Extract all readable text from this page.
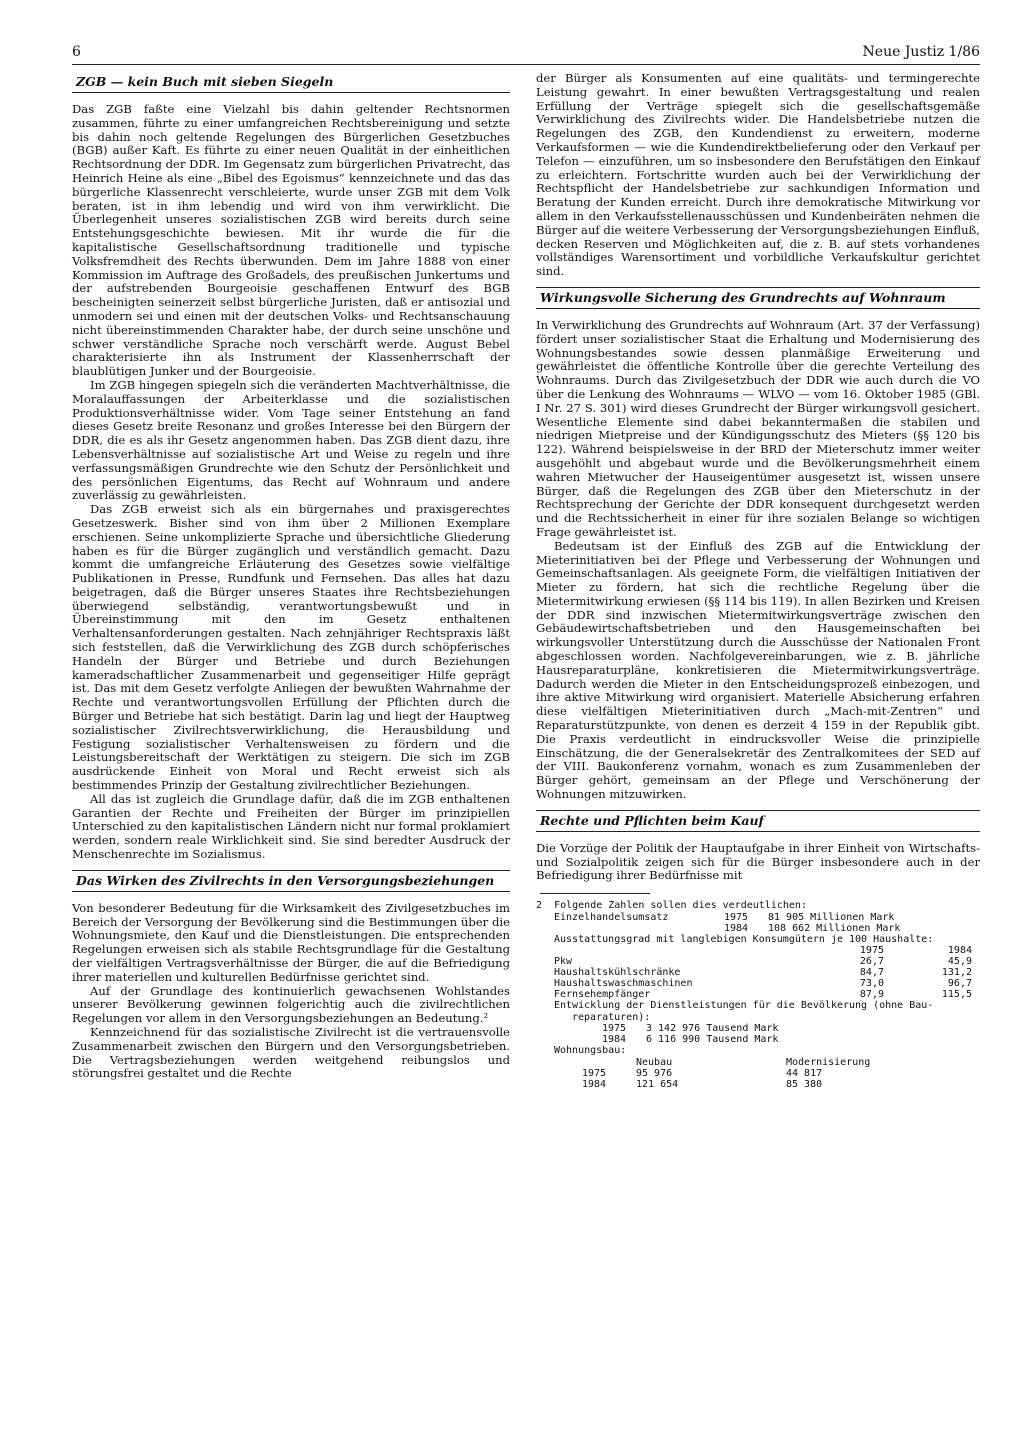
6	Neue Justiz 1/86
ZGB — kein Buch mit sieben Siegeln

Das ZGB faßte eine Vielzahl bis dahin geltender Rechtsnormen zusammen, führte zu einer umfangreichen Rechtsbereinigung und setzte bis dahin noch geltende Regelungen des Bürgerlichen Gesetzbuches (BGB) außer Kaft. Es führte zu einer neuen Qualität in der einheitlichen Rechtsordnung der DDR. Im Gegensatz zum bürgerlichen Privatrecht, das Heinrich Heine als eine „Bibel des Egoismus“ kennzeichnete und das das bürgerliche Klassenrecht verschleierte, wurde unser ZGB mit dem Volk beraten, ist in ihm lebendig und wird von ihm verwirklicht. Die Überlegenheit unseres sozialistischen ZGB wird bereits durch seine Entstehungsgeschichte bewiesen. Mit ihr wurde die für die kapitalistische Gesellschaftsordnung traditionelle und typische Volksfremdheit des Rechts überwunden. Dem im Jahre 1888 von einer Kommission im Auftrage des Großadels, des preußischen Junkertums und der aufstrebenden Bourgeoisie geschaffenen Entwurf des BGB bescheinigten seinerzeit selbst bürgerliche Juristen, daß er antisozial und unmodern sei und einen mit der deutschen Volks- und Rechtsanschauung nicht übereinstimmenden Charakter habe, der durch seine unschöne und schwer verständliche Sprache noch verschärft werde. August Bebel charakterisierte ihn als Instrument der Klassenherrschaft der blaublütigen Junker und der Bourgeoisie.

Im ZGB hingegen spiegeln sich die veränderten Machtverhältnisse, die Moralauffassungen der Arbeiterklasse und die sozialistischen Produktionsverhältnisse wider. Vom Tage seiner Entstehung an fand dieses Gesetz breite Resonanz und großes Interesse bei den Bürgern der DDR, die es als ihr Gesetz angenommen haben. Das ZGB dient dazu, ihre Lebensverhältnisse auf sozialistische Art und Weise zu regeln und ihre verfassungsmäßigen Grundrechte wie den Schutz der Persönlichkeit und des persönlichen Eigentums, das Recht auf Wohnraum und andere zuverlässig zu gewährleisten.

Das ZGB erweist sich als ein bürgernahes und praxisgerechtes Gesetzeswerk. Bisher sind von ihm über 2 Millionen Exemplare erschienen. Seine unkomplizierte Sprache und übersichtliche Gliederung haben es für die Bürger zugänglich und verständlich gemacht. Dazu kommt die umfangreiche Erläuterung des Gesetzes sowie vielfältige Publikationen in Presse, Rundfunk und Fernsehen. Das alles hat dazu beigetragen, daß die Bürger unseres Staates ihre Rechtsbeziehungen überwiegend selbständig, verantwortungsbewußt und in Übereinstimmung mit den im Gesetz enthaltenen Verhaltensanforderungen gestalten. Nach zehnjähriger Rechtspraxis läßt sich feststellen, daß die Verwirklichung des ZGB durch schöpferisches Handeln der Bürger und Betriebe und durch Beziehungen kameradschaftlicher Zusammenarbeit und gegenseitiger Hilfe geprägt ist. Das mit dem Gesetz verfolgte Anliegen der bewußten Wahrnahme der Rechte und verantwortungsvollen Erfüllung der Pflichten durch die Bürger und Betriebe hat sich bestätigt. Darin lag und liegt der Hauptweg sozialistischer Zivilrechtsverwirklichung, die Herausbildung und Festigung sozialistischer Verhaltensweisen zu fördern und die Leistungsbereitschaft der Werktätigen zu steigern. Die sich im ZGB ausdrückende Einheit von Moral und Recht erweist sich als bestimmendes Prinzip der Gestaltung zivilrechtlicher Beziehungen.

All das ist zugleich die Grundlage dafür, daß die im ZGB enthaltenen Garantien der Rechte und Freiheiten der Bürger im prinzipiellen Unterschied zu den kapitalistischen Ländern nicht nur formal proklamiert werden, sondern reale Wirklichkeit sind. Sie sind beredter Ausdruck der Menschenrechte im Sozialismus.

Das Wirken des Zivilrechts in den Versorgungsbeziehungen

Von besonderer Bedeutung für die Wirksamkeit des Zivilgesetzbuches im Bereich der Versorgung der Bevölkerung sind die Bestimmungen über die Wohnungsmiete, den Kauf und die Dienstleistungen. Die entsprechenden Regelungen erweisen sich als stabile Rechtsgrundlage für die Gestaltung der vielfältigen Vertragsverhältnisse der Bürger, die auf die Befriedigung ihrer materiellen und kulturellen Bedürfnisse gerichtet sind.

Auf der Grundlage des kontinuierlich gewachsenen Wohlstandes unserer Bevölkerung gewinnen folgerichtig auch die zivilrechtlichen Regelungen vor allem in den Versorgungsbeziehungen an Bedeutung.²

Kennzeichnend für das sozialistische Zivilrecht ist die vertrauensvolle Zusammenarbeit zwischen den Bürgern und den Versorgungsbetrieben. Die Vertragsbeziehungen werden weitgehend reibungslos und störungsfrei gestaltet und die Rechte

der Bürger als Konsumenten auf eine qualitäts- und termingerechte Leistung gewahrt. In einer bewußten Vertragsgestaltung und realen Erfüllung der Verträge spiegelt sich die gesellschaftsgemäße Verwirklichung des Zivilrechts wider. Die Handelsbetriebe nutzen die Regelungen des ZGB, den Kundendienst zu erweitern, moderne Verkaufsformen — wie die Kundendirektbelieferung oder den Verkauf per Telefon — einzuführen, um so insbesondere den Berufstätigen den Einkauf zu erleichtern. Fortschritte wurden auch bei der Verwirklichung der Rechtspflicht der Handelsbetriebe zur sachkundigen Information und Beratung der Kunden erreicht. Durch ihre demokratische Mitwirkung vor allem in den Verkaufsstellenausschüssen und Kundenbeiräten nehmen die Bürger auf die weitere Verbesserung der Versorgungsbeziehungen Einfluß, decken Reserven und Möglichkeiten auf, die z. B. auf stets vorhandenes vollständiges Warensortiment und vorbildliche Verkaufskultur gerichtet sind.

Wirkungsvolle Sicherung des Grundrechts auf Wohnraum

In Verwirklichung des Grundrechts auf Wohnraum (Art. 37 der Verfassung) fördert unser sozialistischer Staat die Erhaltung und Modernisierung des Wohnungsbestandes sowie dessen planmäßige Erweiterung und gewährleistet die öffentliche Kontrolle über die gerechte Verteilung des Wohnraums. Durch das Zivilgesetzbuch der DDR wie auch durch die VO über die Lenkung des Wohnraums — WLVO — vom 16. Oktober 1985 (GBl. I Nr. 27 S. 301) wird dieses Grundrecht der Bürger wirkungsvoll gesichert. Wesentliche Elemente sind dabei bekanntermaßen die stabilen und niedrigen Mietpreise und der Kündigungsschutz des Mieters (§§ 120 bis 122). Während beispielsweise in der BRD der Mieterschutz immer weiter ausgehöhlt und abgebaut wurde und die Bevölkerungsmehrheit einem wahren Mietwucher der Hauseigentümer ausgesetzt ist, wissen unsere Bürger, daß die Regelungen des ZGB über den Mieterschutz in der Rechtsprechung der Gerichte der DDR konsequent durchgesetzt werden und die Rechtssicherheit in einer für ihre sozialen Belange so wichtigen Frage gewährleistet ist.

Bedeutsam ist der Einfluß des ZGB auf die Entwicklung der Mieterinitiativen bei der Pflege und Verbesserung der Wohnungen und Gemeinschaftsanlagen. Als geeignete Form, die vielfältigen Initiativen der Mieter zu fördern, hat sich die rechtliche Regelung über die Mietermitwirkung erwiesen (§§ 114 bis 119). In allen Bezirken und Kreisen der DDR sind inzwischen Mietermitwirkungsverträge zwischen den Gebäudewirtschaftsbetrieben und den Hausgemeinschaften bei wirkungsvoller Unterstützung durch die Ausschüsse der Nationalen Front abgeschlossen worden. Nachfolgevereinbarungen, wie z. B. jährliche Hausreparaturpläne, konkretisieren die Mietermitwirkungsverträge. Dadurch werden die Mieter in den Entscheidungsprozeß einbezogen, und ihre aktive Mitwirkung wird organisiert. Materielle Absicherung erfahren diese vielfältigen Mieterinitiativen durch „Mach-mit-Zentren“ und Reparaturstützpunkte, von denen es derzeit 4 159 in der Republik gibt. Die Praxis verdeutlicht in eindrucksvoller Weise die prinzipielle Einschätzung, die der Generalsekretär des Zentralkomitees der SED auf der VIII. Baukonferenz vornahm, wonach es zum Zusammenleben der Bürger gehört, gemeinsam an der Pflege und Verschönerung der Wohnungen mitzuwirken.

Rechte und Pflichten beim Kauf

Die Vorzüge der Politik der Hauptaufgabe in ihrer Einheit von Wirtschafts- und Sozialpolitik zeigen sich für die Bürger insbesondere auch in der Befriedigung ihrer Bedürfnisse mit

2 Folgende Zahlen sollen dies verdeutlichen:
Einzelhandelsumsatz	1975	81 905 Millionen Mark
	1984	108 662 Millionen Mark
Ausstattungsgrad mit langlebigen Konsumgütern je 100 Haushalte:
	1975	1984
Pkw	26,7	45,9
Haushaltskühlschränke	84,7	131,2
Haushaltswaschmaschinen	73,0	96,7
Fernsehempfänger	87,9	115,5
Entwicklung der Dienstleistungen für die Bevölkerung (ohne Bau-
reparaturen):
1975	3 142 976 Tausend Mark
1984	6 116 990 Tausend Mark
Wohnungsbau:
	Neubau	Modernisierung
1975	95 976	44 817
1984	121 654	85 380
